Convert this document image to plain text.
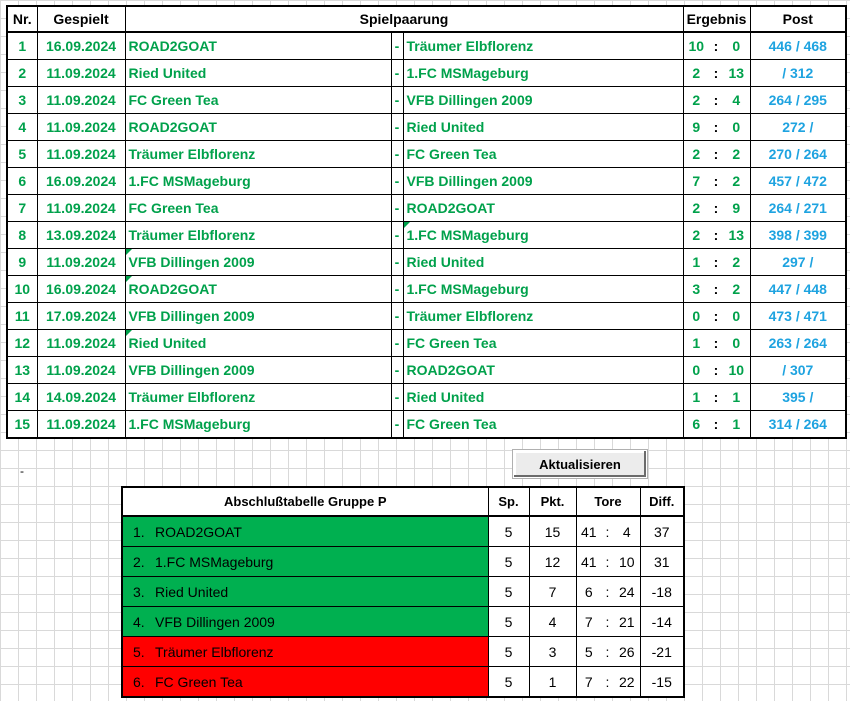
Nr.	Gespielt	Spielpaarung			Ergebnis			Post
1	16.09.2024	ROAD2GOAT	-	Träumer Elbflorenz	10	:	0	446 / 468
2	11.09.2024	Ried United	-	1.FC MSMageburg	2	:	13	/ 312
3	11.09.2024	FC Green Tea	-	VFB Dillingen 2009	2	:	4	264 / 295
4	11.09.2024	ROAD2GOAT	-	Ried United	9	:	0	272 /
5	11.09.2024	Träumer Elbflorenz	-	FC Green Tea	2	:	2	270 / 264
6	16.09.2024	1.FC MSMageburg	-	VFB Dillingen 2009	7	:	2	457 / 472
7	11.09.2024	FC Green Tea	-	ROAD2GOAT	2	:	9	264 / 271
8	13.09.2024	Träumer Elbflorenz	-	1.FC MSMageburg	2	:	13	398 / 399
9	11.09.2024	VFB Dillingen 2009	-	Ried United	1	:	2	297 /
10	16.09.2024	ROAD2GOAT	-	1.FC MSMageburg	3	:	2	447 / 448
11	17.09.2024	VFB Dillingen 2009	-	Träumer Elbflorenz	0	:	0	473 / 471
12	11.09.2024	Ried United	-	FC Green Tea	1	:	0	263 / 264
13	11.09.2024	VFB Dillingen 2009	-	ROAD2GOAT	0	:	10	/ 307
14	14.09.2024	Träumer Elbflorenz	-	Ried United	1	:	1	395 /
15	11.09.2024	1.FC MSMageburg	-	FC Green Tea	6	:	1	314 / 264
-	Aktualisieren
Abschlußtabelle Gruppe P	Sp.	Pkt.	Tore			Diff.
1. ROAD2GOAT	5	15	41	:	4	37
2. 1.FC MSMageburg	5	12	41	:	10	31
3. Ried United	5	7	6	:	24	-18
4. VFB Dillingen 2009	5	4	7	:	21	-14
5. Träumer Elbflorenz	5	3	5	:	26	-21
6. FC Green Tea	5	1	7	:	22	-15
